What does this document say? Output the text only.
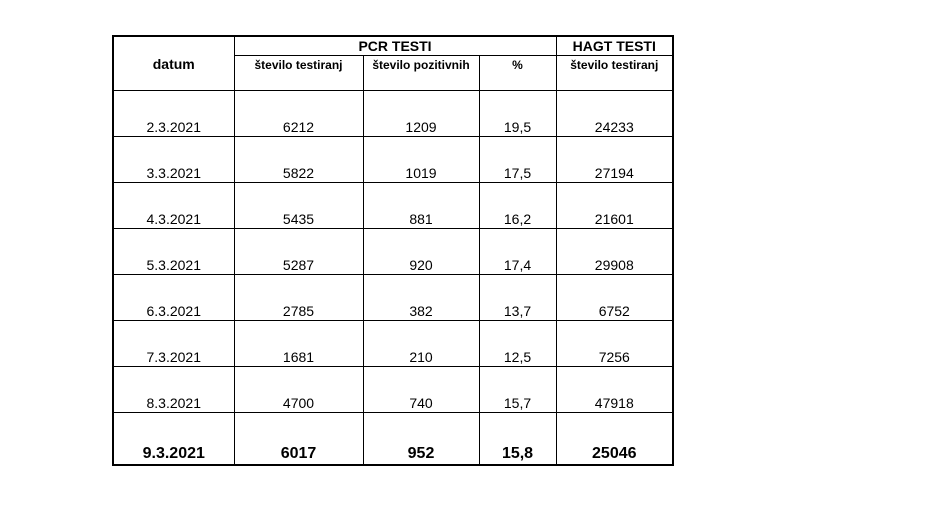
datum	PCR TESTI			HAGT TESTI
	število testiranj	število pozitivnih	%	število testiranj
2.3.2021	6212	1209	19,5	24233
3.3.2021	5822	1019	17,5	27194
4.3.2021	5435	881	16,2	21601
5.3.2021	5287	920	17,4	29908
6.3.2021	2785	382	13,7	6752
7.3.2021	1681	210	12,5	7256
8.3.2021	4700	740	15,7	47918
9.3.2021	6017	952	15,8	25046
